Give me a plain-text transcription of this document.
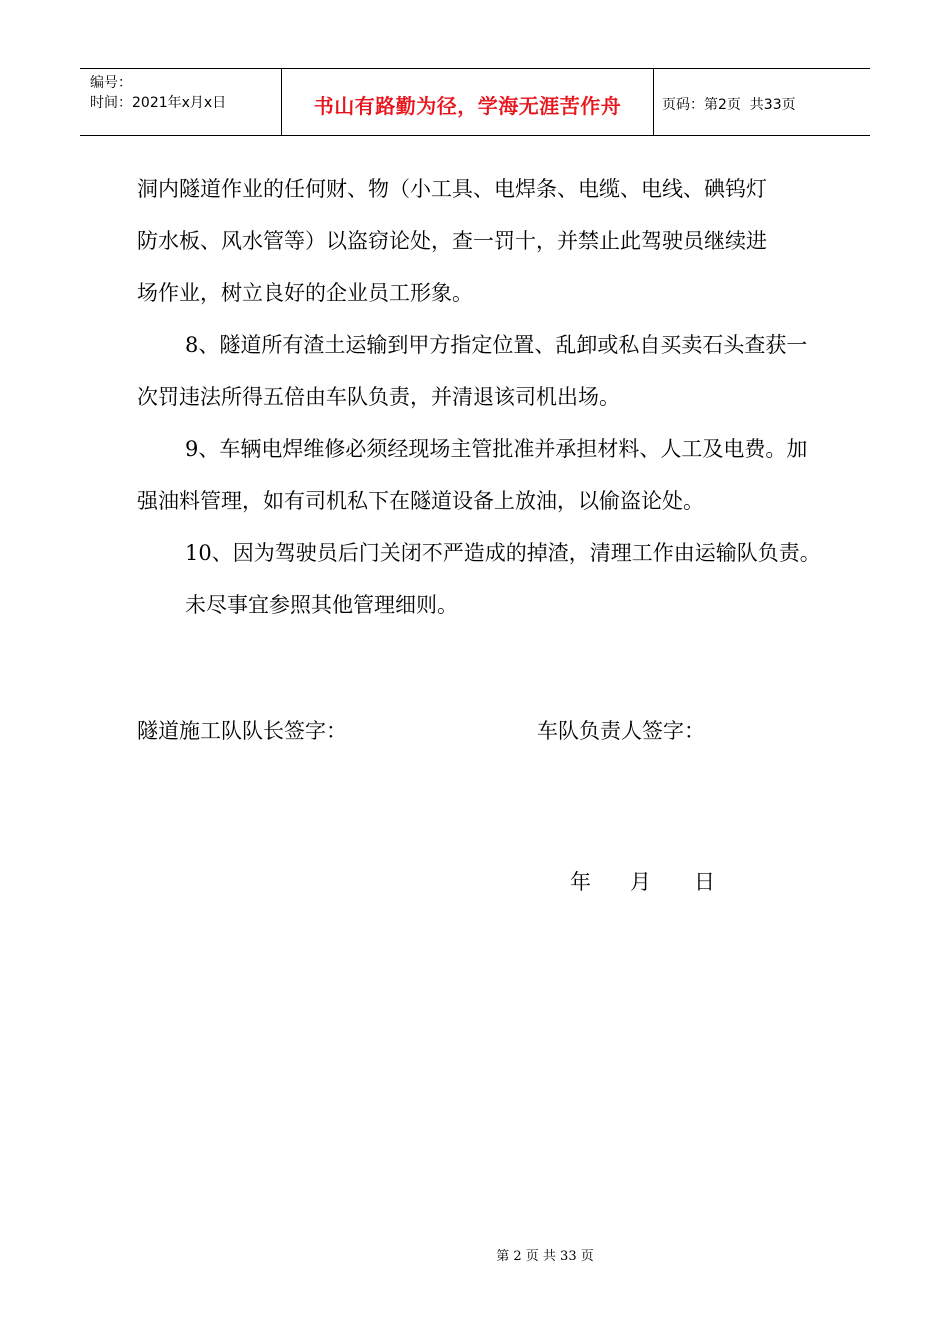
编号：
时间：2021年x月x日	书山有路勤为径，学海无涯苦作舟	页码：第2页  共33页

洞内隧道作业的任何财、物（小工具、电焊条、电缆、电线、碘钨灯

防水板、风水管等）以盗窃论处，查一罚十，并禁止此驾驶员继续进

场作业，树立良好的企业员工形象。

8、隧道所有渣土运输到甲方指定位置、乱卸或私自买卖石头查获一次罚违法所得五倍由车队负责，并清退该司机出场。

9、车辆电焊维修必须经现场主管批准并承担材料、人工及电费。加强油料管理，如有司机私下在隧道设备上放油，以偷盗论处。

10、因为驾驶员后门关闭不严造成的掉渣，清理工作由运输队负责。

未尽事宜参照其他管理细则。

隧道施工队队长签字：	车队负责人签字：
年	月	日
第 2 页 共 33 页
